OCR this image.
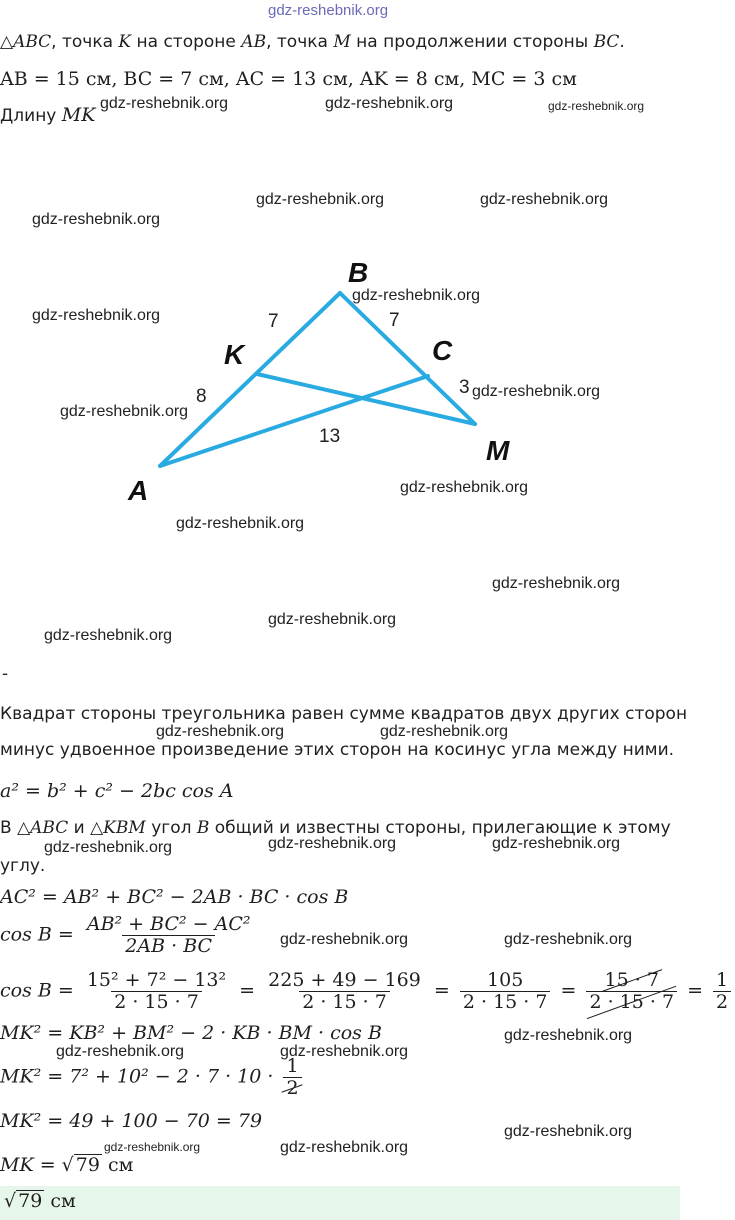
gdz-reshebnik.org
△ABC, точка K на стороне AB, точка M на продолжении стороны BC.
AB = 15 см, BC = 7 см, AC = 13 см, AK = 8 см, MC = 3 см
Длину MK
gdz-reshebnik.org	gdz-reshebnik.org	gdz-reshebnik.org
gdz-reshebnik.org	gdz-reshebnik.org
gdz-reshebnik.org
B
K	C
M
A
7	7
8	3
13
gdz-reshebnik.org
gdz-reshebnik.org
gdz-reshebnik.org
gdz-reshebnik.org
gdz-reshebnik.org
gdz-reshebnik.org
gdz-reshebnik.org
gdz-reshebnik.org
gdz-reshebnik.org
-
Квадрат стороны треугольника равен сумме квадратов двух других сторон
минус удвоенное произведение этих сторон на косинус угла между ними.
gdz-reshebnik.org	gdz-reshebnik.org
a² = b² + c² − 2bc cos A
В △ABC и △KBM угол B общий и известны стороны, прилегающие к этому
углу.
gdz-reshebnik.org	gdz-reshebnik.org	gdz-reshebnik.org
AC² = AB² + BC² − 2AB · BC · cos B
$\cos B = \frac{\text{AB² + BC² − AC²}}{2AB \cdot BC}$ gdz-reshebnik.org	gdz-reshebnik.org
$\cos B = \frac{\text{15² + 7² − 13²}}{2 \cdot 15 \cdot 7} = \frac{225 + 49 - 169}{2 \cdot 15 \cdot 7} = \frac{105}{2 \cdot 15 \cdot 7} = \frac{15 \cdot 7}{2 \cdot 15 \cdot 7} = \frac{1}{2}$
MK² = KB² + BM² − 2 · KB · BM · cos B
gdz-reshebnik.org	gdz-reshebnik.org
gdz-reshebnik.org
$MK^2 = 7^2 + 10^2 - 2 \cdot 7 \cdot 10 \cdot \frac{1}{2}$
MK² = 49 + 100 − 70 = 79
gdz-reshebnik.org	gdz-reshebnik.org
gdz-reshebnik.org
MK = √ 79 см
√ 79 см
